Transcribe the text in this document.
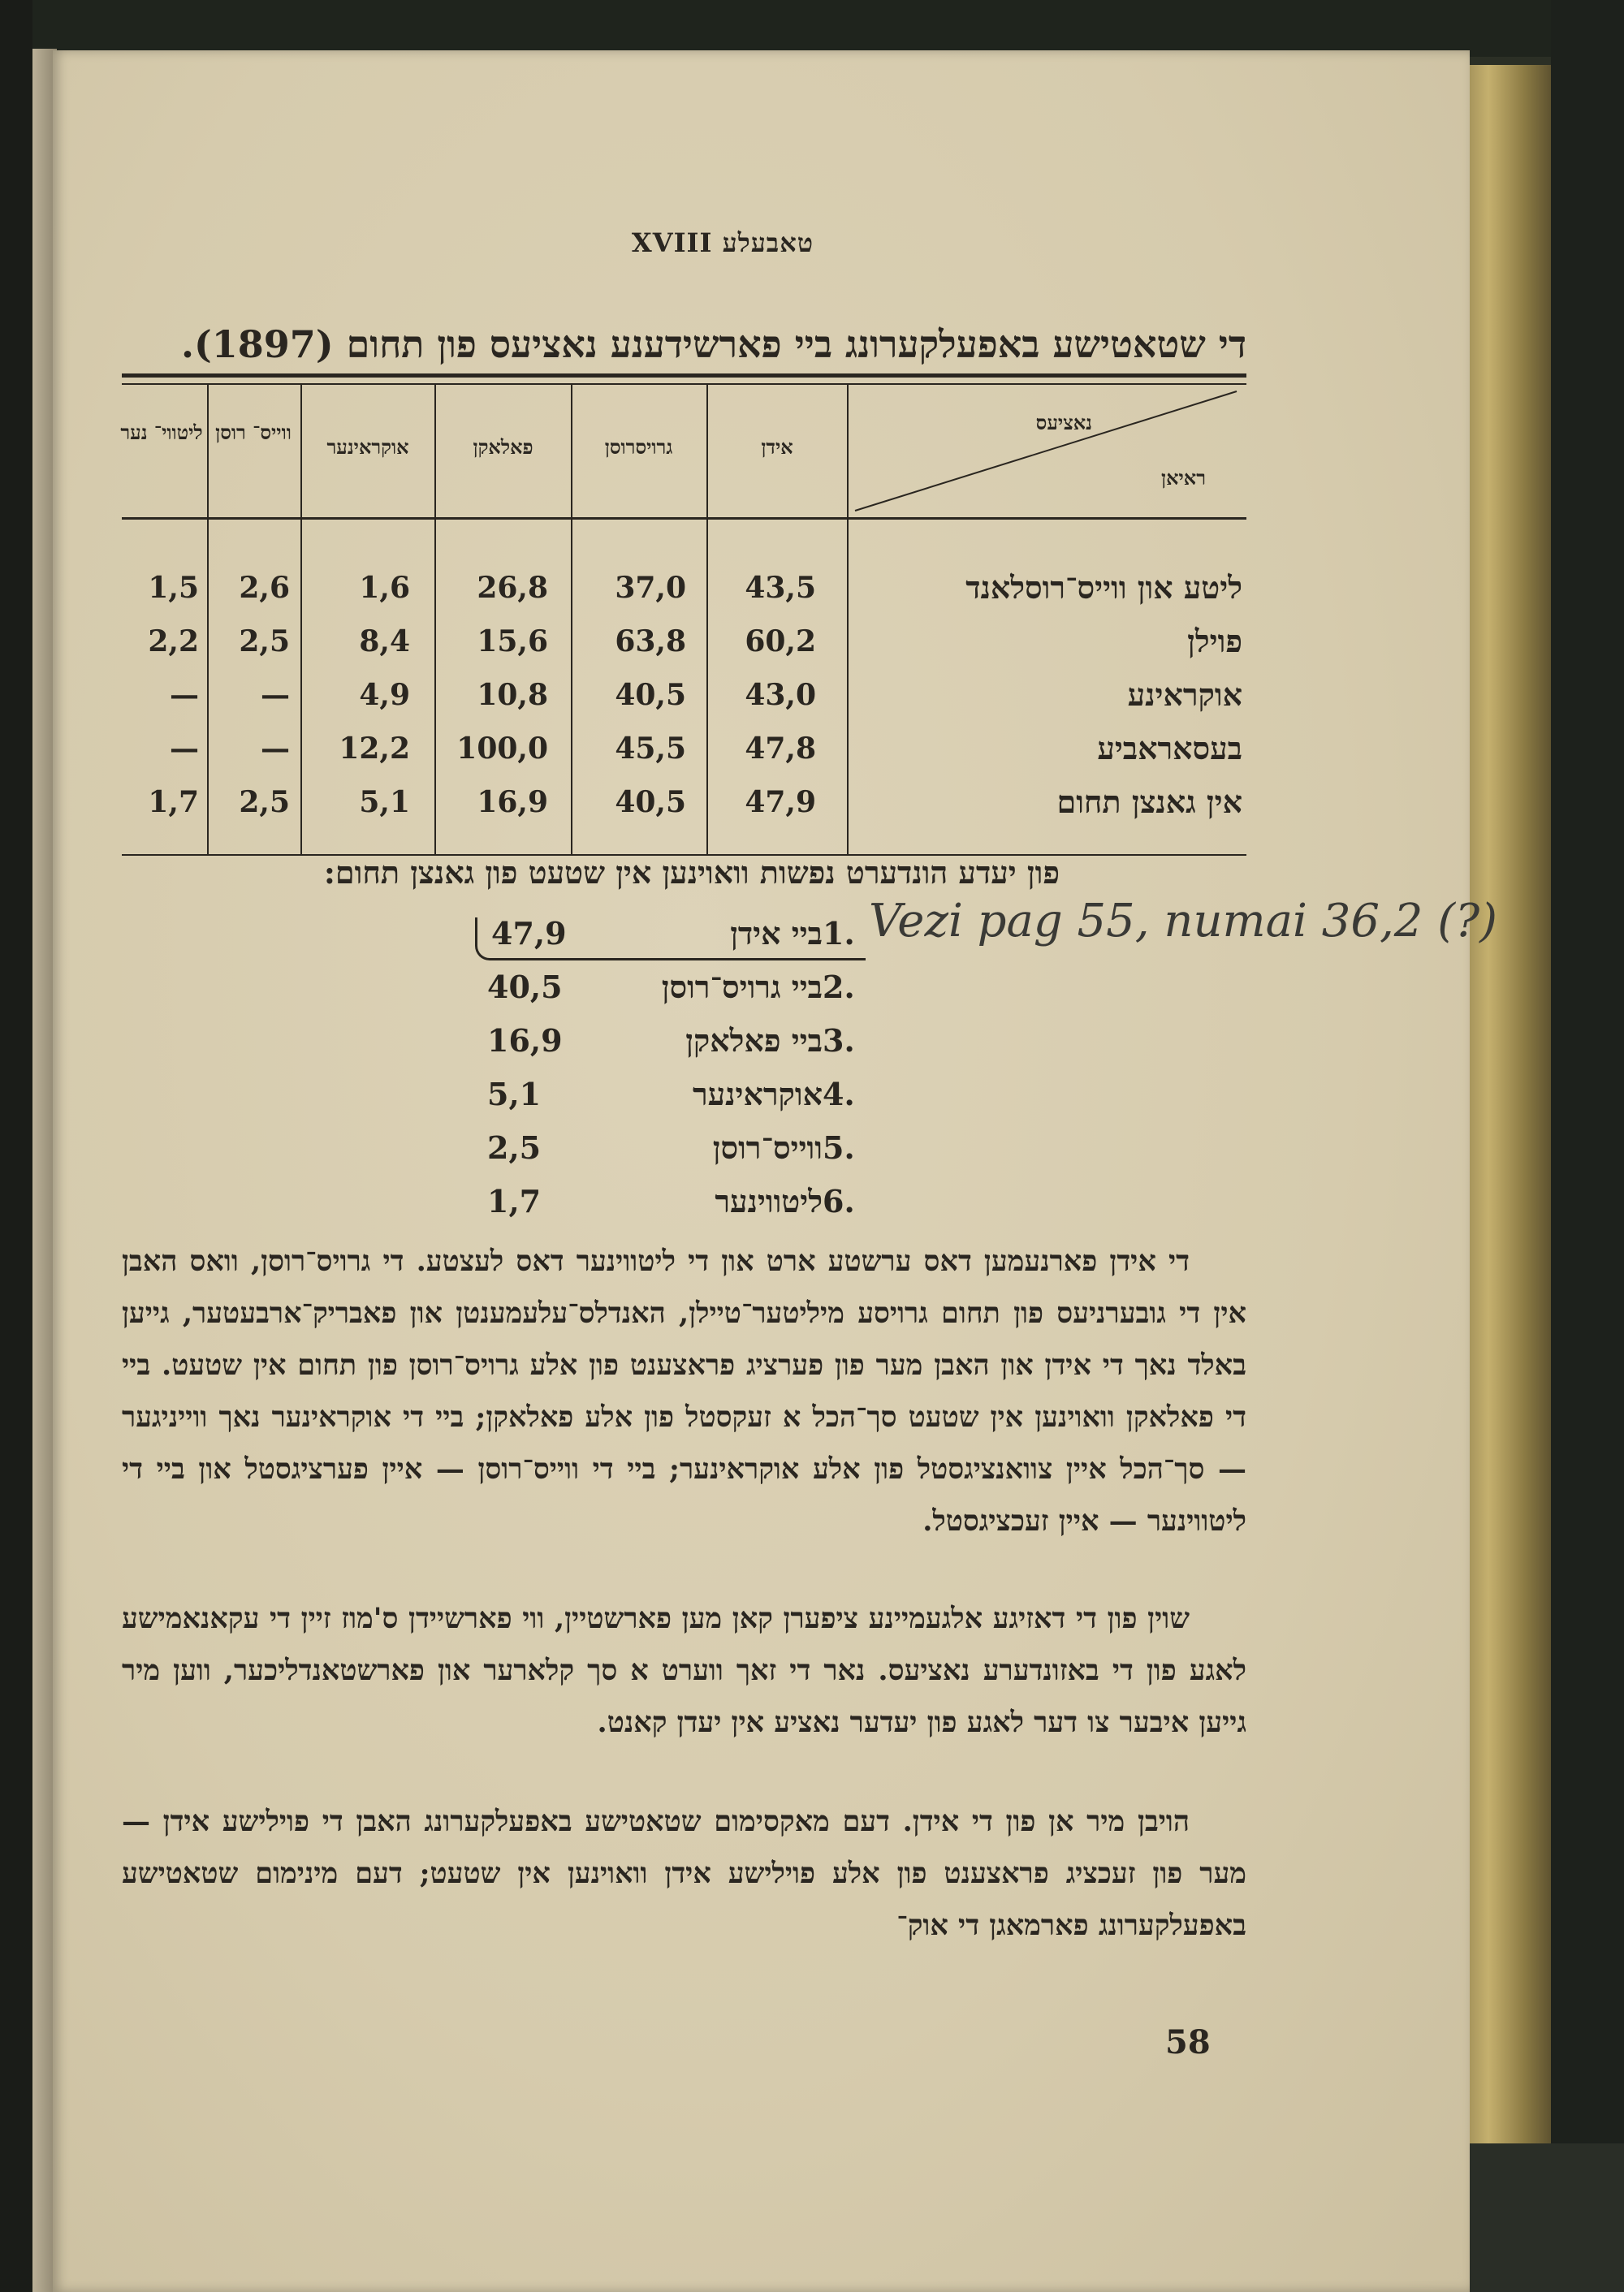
טאבעלע XVIII
די שטאטישע באפעלקערונג ביי פארשידענע נאציעס פון תחום (1897).
נאציעס
ראיאן
אידן
גרויסרוסן
פאלאקן
אוקראינער
ווייס־ רוסן
ליטווי־ נער
ליטע און ווייס־רוסלאנד
43,5
37,0
26,8
1,6
2,6
1,5
פוילן
60,2
63,8
15,6
8,4
2,5
2,2
אוקראינע
43,0
40,5
10,8
4,9
—
—
בעסאראביע
47,8
45,5
100,0
12,2
—
—
אין גאנצן תחום
47,9
40,5
16,9
5,1
2,5
1,7
פון יעדע הונדערט נפשות וואוינען אין שטעט פון גאנצן תחום:
1.
ביי אידן
47,9
2.
ביי גרויס־רוסן
40,5
3.
ביי פאלאקן
16,9
4.
אוקראינער
5,1
5.
ווייס־רוסן
2,5
6.
ליטווינער
1,7
Vezi pag 55, numai 36,2 (?)
די אידן פארנעמען דאס ערשטע ארט און די ליטווינער דאס לעצטע. די גרויס־רוסן, וואס האבן אין די גובערניעס פון תחום גרויסע מיליטער־טיילן, האנדלס־עלעמענטן און פאבריק־ארבעטער, גייען באלד נאך די אידן און האבן מער פון פערציג פראצענט פון אלע גרויס־רוסן פון תחום אין שטעט. ביי די פאלאקן וואוינען אין שטעט סך־הכל א זעקסטל פון אלע פאלאקן; ביי די אוקראינער נאך ווייניגער — סך־הכל איין צוואנציגסטל פון אלע אוקראינער; ביי די ווייס־רוסן — איין פערציגסטל און ביי די ליטווינער — איין זעכציגסטל.
שוין פון די דאזיגע אלגעמיינע ציפערן קאן מען פארשטיין, ווי פארשיידן ס'מוז זיין די עקאנאמישע לאגע פון די באזונדערע נאציעס. נאר די זאך ווערט א סך קלארער און פארשטאנדליכער, ווען מיר גייען איבער צו דער לאגע פון יעדער נאציע אין יעדן קאנט.
הויבן מיר אן פון די אידן. דעם מאקסימום שטאטישע באפעלקערונג האבן די פוילישע אידן — מער פון זעכציג פראצענט פון אלע פוילישע אידן וואוינען אין שטעט; דעם מינימום שטאטישע באפעלקערונג פארמאגן די אוק־
58
